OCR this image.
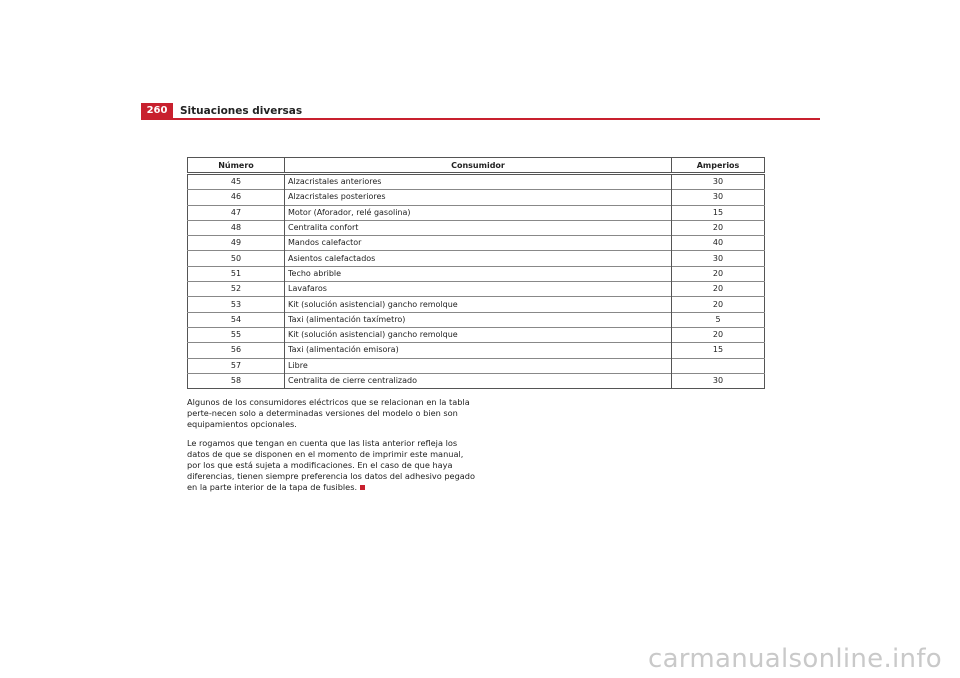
260	Situaciones diversas
Número	Consumidor	Amperios
45	Alzacristales anteriores	30
46	Alzacristales posteriores	30
47	Motor (Aforador, relé gasolina)	15
48	Centralita confort	20
49	Mandos calefactor	40
50	Asientos calefactados	30
51	Techo abrible	20
52	Lavafaros	20
53	Kit (solución asistencial) gancho remolque	20
54	Taxi (alimentación taxímetro)	5
55	Kit (solución asistencial) gancho remolque	20
56	Taxi (alimentación emisora)	15
57	Libre	
58	Centralita de cierre centralizado	30

Algunos de los consumidores eléctricos que se relacionan en la tabla perte-necen solo a determinadas versiones del modelo o bien son equipamientos opcionales.

Le rogamos que tengan en cuenta que las lista anterior refleja los datos de que se disponen en el momento de imprimir este manual, por los que está sujeta a modificaciones. En el caso de que haya diferencias, tienen siempre preferencia los datos del adhesivo pegado en la parte interior de la tapa de fusibles.

carmanualsonline.info
